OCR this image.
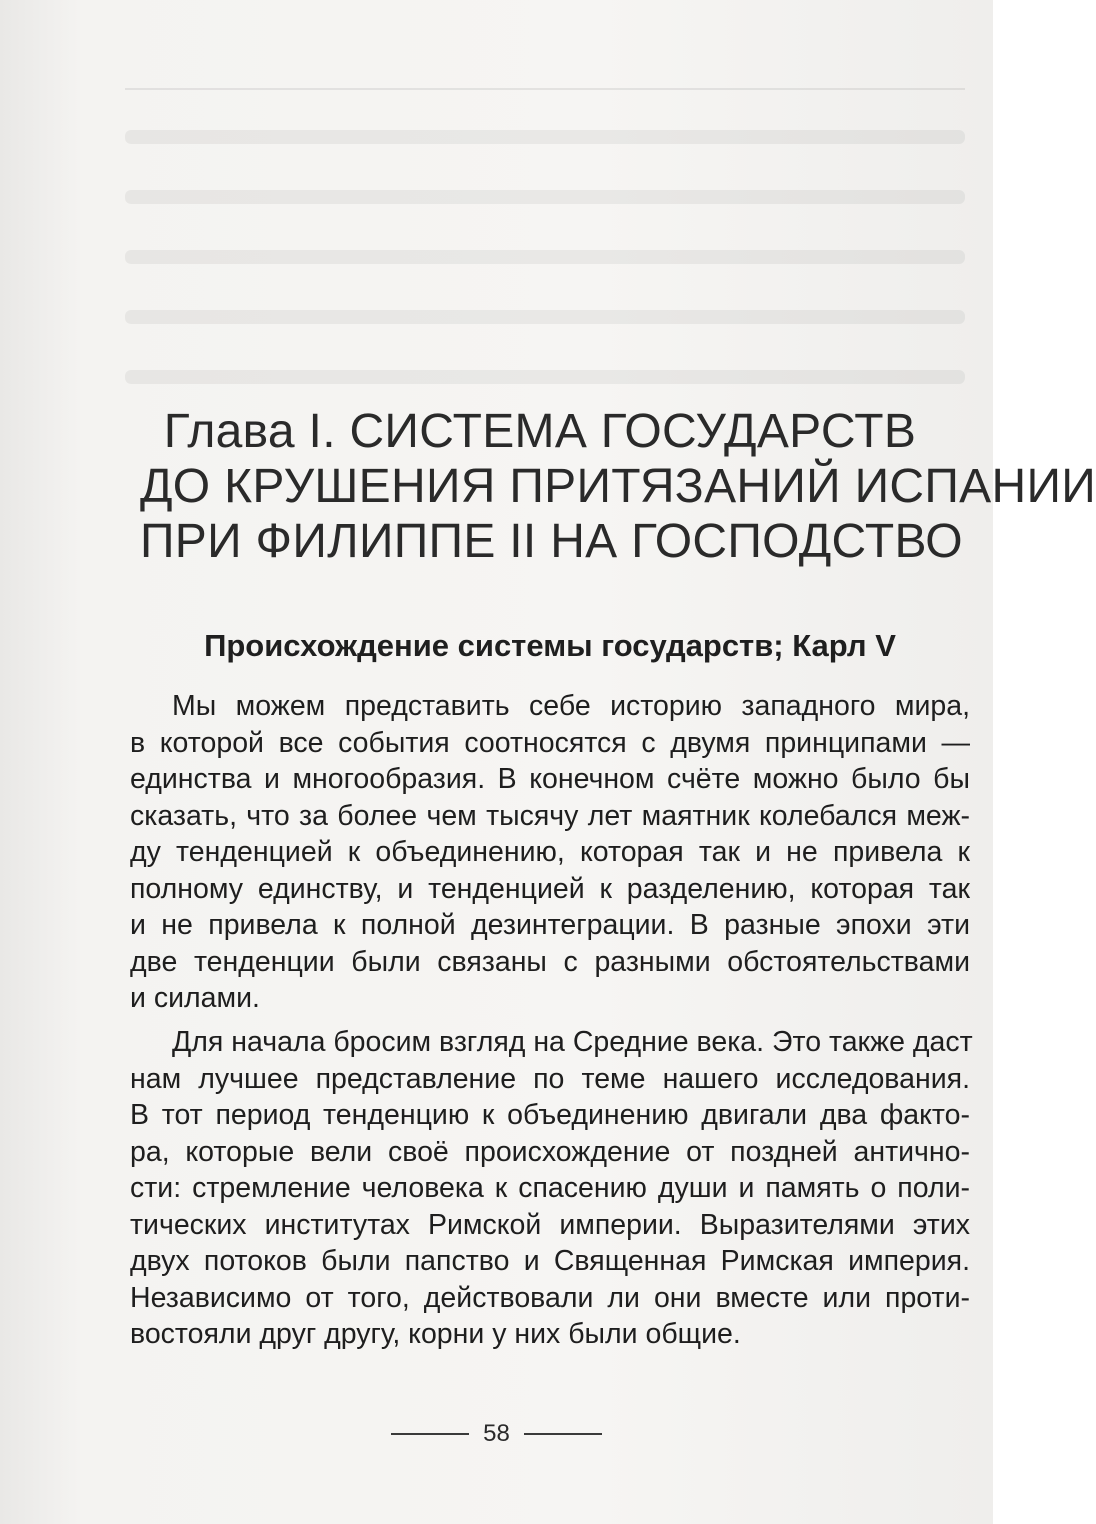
Глава I. СИСТЕМА ГОСУДАРСТВ
ДО КРУШЕНИЯ ПРИТЯЗАНИЙ ИСПАНИИ
ПРИ ФИЛИППЕ II НА ГОСПОДСТВО
Происхождение системы государств; Карл V

Мы можем представить себе историю западного мира,
в которой все события соотносятся с двумя принципами —
единства и многообразия. В конечном счёте можно было бы
сказать, что за более чем тысячу лет маятник колебался меж-
ду тенденцией к объединению, которая так и не привела к
полному единству, и тенденцией к разделению, которая так
и не привела к полной дезинтеграции. В разные эпохи эти
две тенденции были связаны с разными обстоятельствами
и силами.

Для начала бросим взгляд на Средние века. Это также даст
нам лучшее представление по теме нашего исследования.
В тот период тенденцию к объединению двигали два факто-
ра, которые вели своё происхождение от поздней антично-
сти: стремление человека к спасению души и память о поли-
тических институтах Римской империи. Выразителями этих
двух потоков были папство и Священная Римская империя.
Независимо от того, действовали ли они вместе или проти-
востояли друг другу, корни у них были общие.

58
